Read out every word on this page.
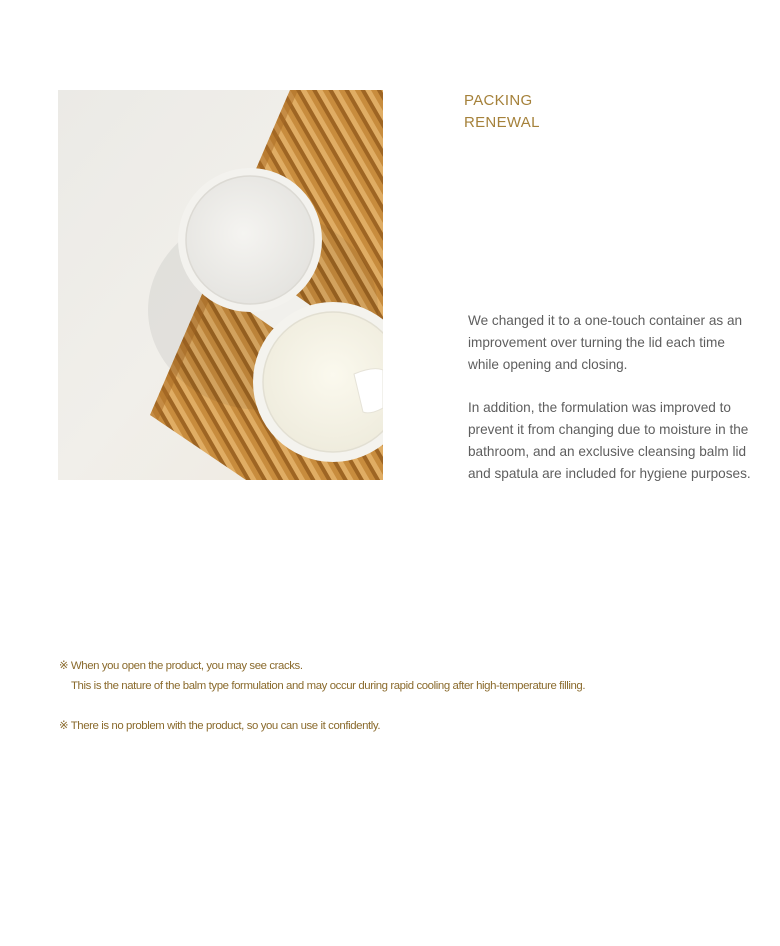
PACKING
RENEWAL

We changed it to a one-touch container as an
improvement over turning the lid each time
while opening and closing.

In addition, the formulation was improved to
prevent it from changing due to moisture in the
bathroom, and an exclusive cleansing balm lid
and spatula are included for hygiene purposes.

※ When you open the product, you may see cracks.

This is the nature of the balm type formulation and may occur during rapid cooling after high-temperature filling.

※ There is no problem with the product, so you can use it confidently.
